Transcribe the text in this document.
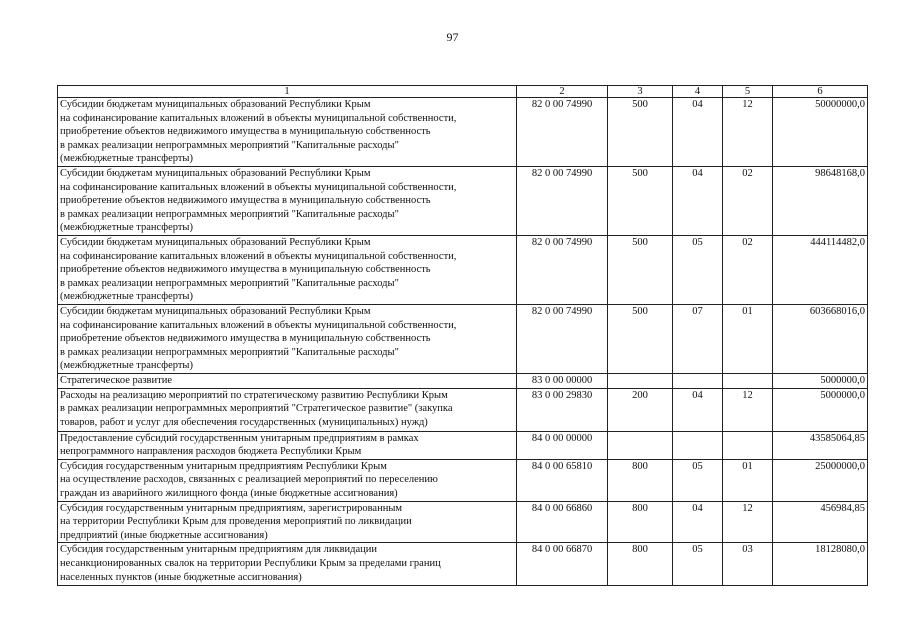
97
1	2	3	4	5	6
Субсидии бюджетам муниципальных образований Республики Крым
на софинансирование капитальных вложений в объекты муниципальной собственности,
приобретение объектов недвижимого имущества в муниципальную собственность
в рамках реализации непрограммных мероприятий "Капитальные расходы"
(межбюджетные трансферты)	82 0 00 74990	500	04	12	50000000,0
Субсидии бюджетам муниципальных образований Республики Крым
на софинансирование капитальных вложений в объекты муниципальной собственности,
приобретение объектов недвижимого имущества в муниципальную собственность
в рамках реализации непрограммных мероприятий "Капитальные расходы"
(межбюджетные трансферты)	82 0 00 74990	500	04	02	98648168,0
Субсидии бюджетам муниципальных образований Республики Крым
на софинансирование капитальных вложений в объекты муниципальной собственности,
приобретение объектов недвижимого имущества в муниципальную собственность
в рамках реализации непрограммных мероприятий "Капитальные расходы"
(межбюджетные трансферты)	82 0 00 74990	500	05	02	444114482,0
Субсидии бюджетам муниципальных образований Республики Крым
на софинансирование капитальных вложений в объекты муниципальной собственности,
приобретение объектов недвижимого имущества в муниципальную собственность
в рамках реализации непрограммных мероприятий "Капитальные расходы"
(межбюджетные трансферты)	82 0 00 74990	500	07	01	603668016,0
Стратегическое развитие	83 0 00 00000				5000000,0
Расходы на реализацию мероприятий по стратегическому развитию Республики Крым
в рамках реализации непрограммных мероприятий "Стратегическое развитие" (закупка
товаров, работ и услуг для обеспечения государственных (муниципальных) нужд)	83 0 00 29830	200	04	12	5000000,0
Предоставление субсидий государственным унитарным предприятиям в рамках
непрограммного направления расходов бюджета Республики Крым	84 0 00 00000				43585064,85
Субсидия государственным унитарным предприятиям Республики Крым
на осуществление расходов, связанных с реализацией мероприятий по переселению
граждан из аварийного жилищного фонда (иные бюджетные ассигнования)	84 0 00 65810	800	05	01	25000000,0
Субсидия государственным унитарным предприятиям, зарегистрированным
на территории Республики Крым для проведения мероприятий по ликвидации
предприятий (иные бюджетные ассигнования)	84 0 00 66860	800	04	12	456984,85
Субсидия государственным унитарным предприятиям для ликвидации
несанкционированных свалок на территории Республики Крым за пределами границ
населенных пунктов (иные бюджетные ассигнования)	84 0 00 66870	800	05	03	18128080,0
